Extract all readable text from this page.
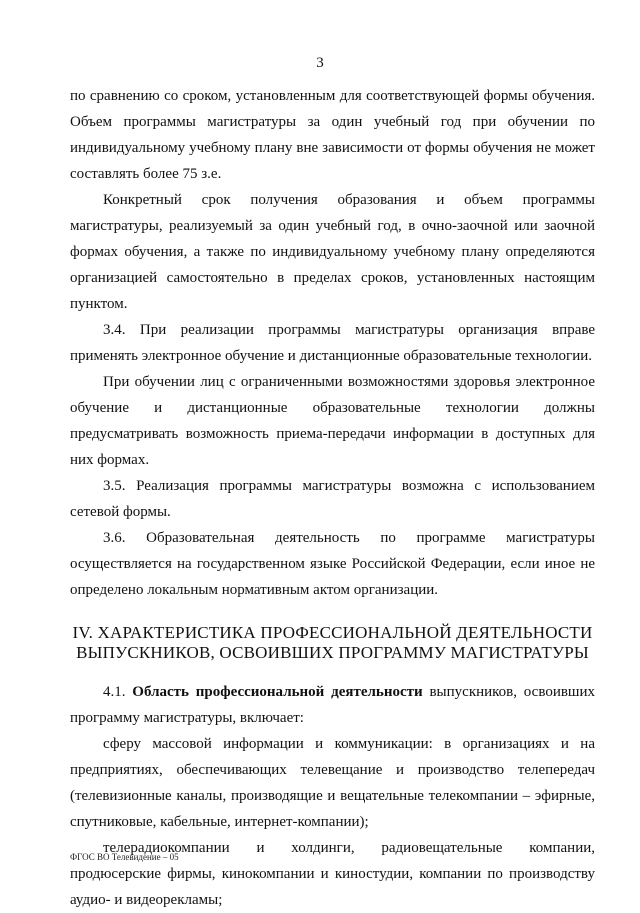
3

по сравнению со сроком, установленным для соответствующей формы обучения. Объем программы магистратуры за один учебный год при обучении по индивидуальному учебному плану вне зависимости от формы обучения не может составлять более 75 з.е.

Конкретный срок получения образования и объем программы магистратуры, реализуемый за один учебный год, в очно-заочной или заочной формах обучения, а также по индивидуальному учебному плану определяются организацией самостоятельно в пределах сроков, установленных настоящим пунктом.

3.4. При реализации программы магистратуры организация вправе применять электронное обучение и дистанционные образовательные технологии.

При обучении лиц с ограниченными возможностями здоровья электронное обучение и дистанционные образовательные технологии должны предусматривать возможность приема-передачи информации в доступных для них формах.

3.5. Реализация программы магистратуры возможна с использованием сетевой формы.

3.6. Образовательная деятельность по программе магистратуры осуществляется на государственном языке Российской Федерации, если иное не определено локальным нормативным актом организации.

IV. ХАРАКТЕРИСТИКА ПРОФЕССИОНАЛЬНОЙ ДЕЯТЕЛЬНОСТИ
ВЫПУСКНИКОВ, ОСВОИВШИХ ПРОГРАММУ МАГИСТРАТУРЫ

4.1. Область профессиональной деятельности выпускников, освоивших программу магистратуры, включает:

сферу массовой информации и коммуникации: в организациях и на предприятиях, обеспечивающих телевещание и производство телепередач (телевизионные каналы, производящие и вещательные телекомпании – эфирные, спутниковые, кабельные, интернет-компании);

телерадиокомпании и холдинги, радиовещательные компании, продюсерские фирмы, кинокомпании и киностудии, компании по производству аудио- и видеорекламы;

ФГОС ВО Телевидение – 05
